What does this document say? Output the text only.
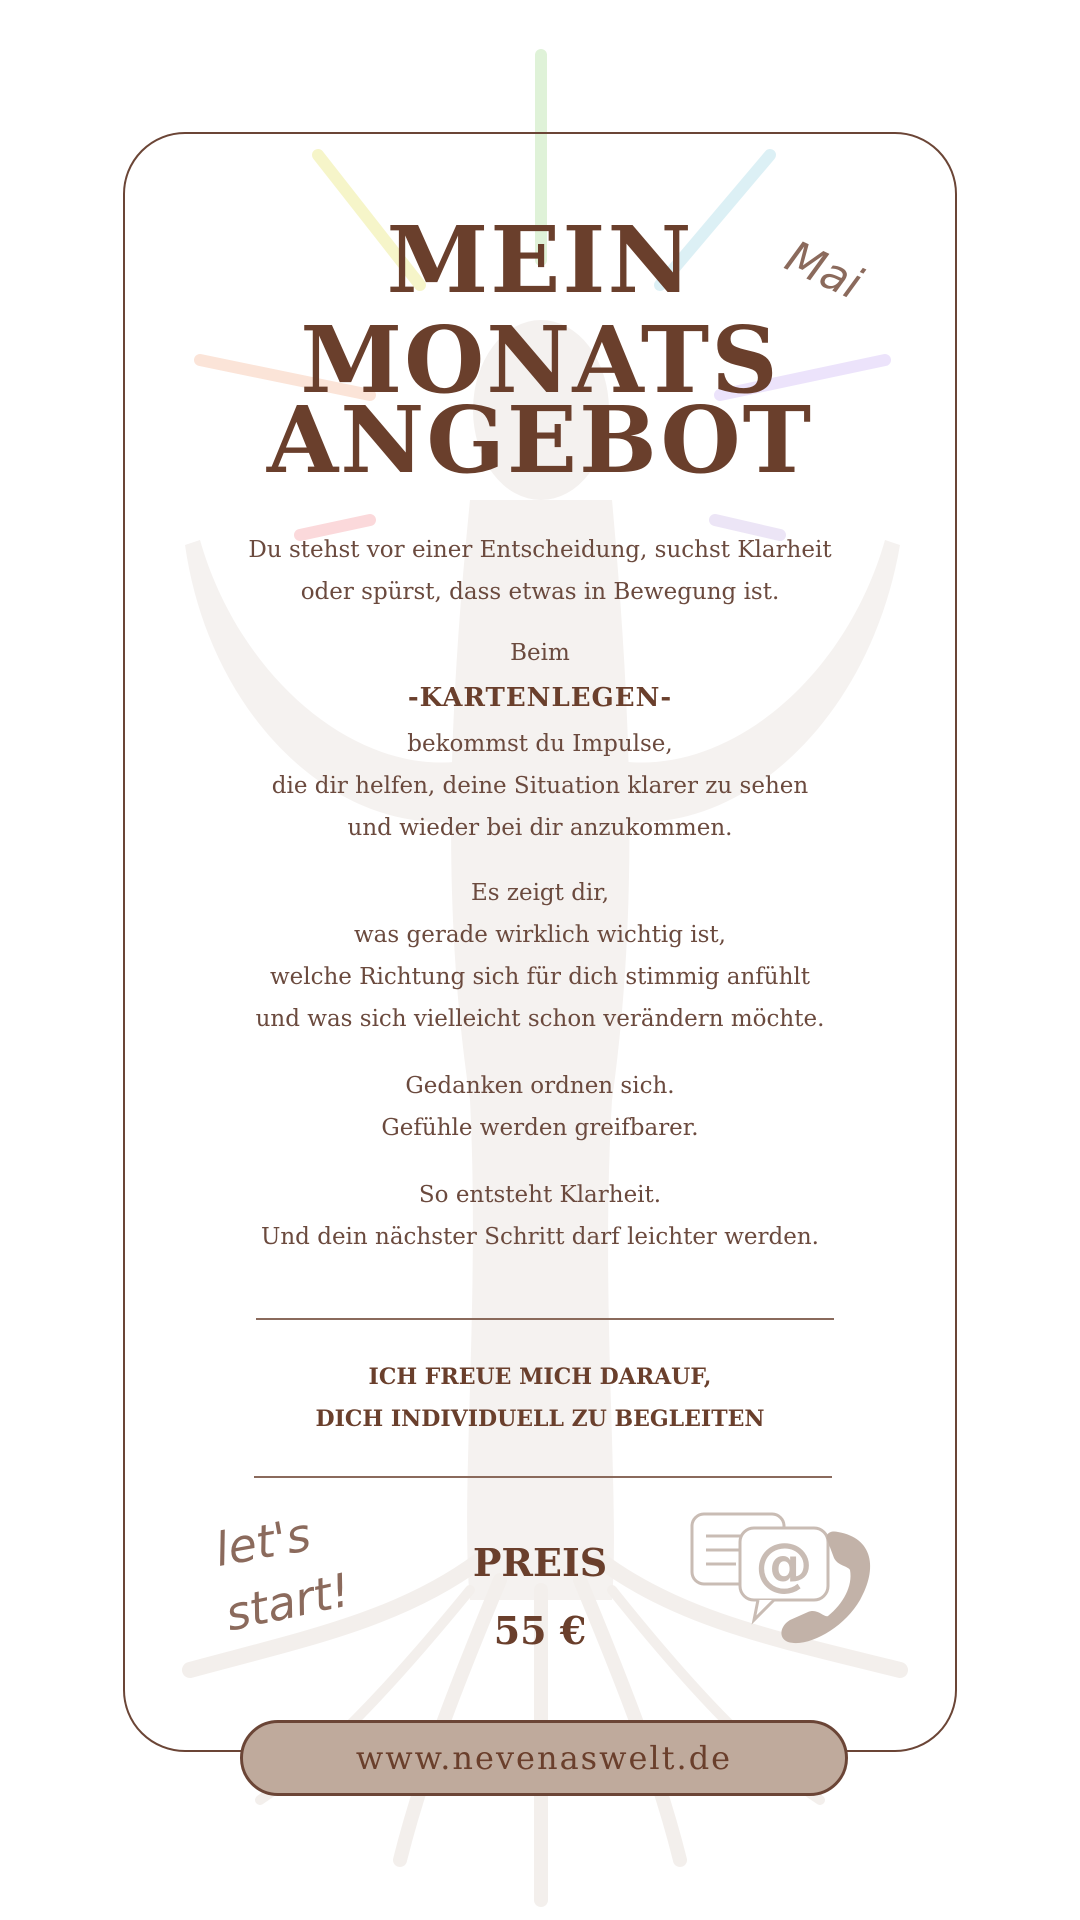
MEIN
MONATS
ANGEBOT
Mai
let's
start!
Du stehst vor einer Entscheidung, suchst Klarheit
oder spürst, dass etwas in Bewegung ist.
Beim
-KARTENLEGEN-
bekommst du Impulse,
die dir helfen, deine Situation klarer zu sehen
und wieder bei dir anzukommen.
Es zeigt dir,
was gerade wirklich wichtig ist,
welche Richtung sich für dich stimmig anfühlt
und was sich vielleicht schon verändern möchte.
Gedanken ordnen sich.
Gefühle werden greifbarer.
So entsteht Klarheit.
Und dein nächster Schritt darf leichter werden.
ICH FREUE MICH DARAUF,
DICH INDIVIDUELL ZU BEGLEITEN
PREIS
55 €
@
www.nevenaswelt.de
